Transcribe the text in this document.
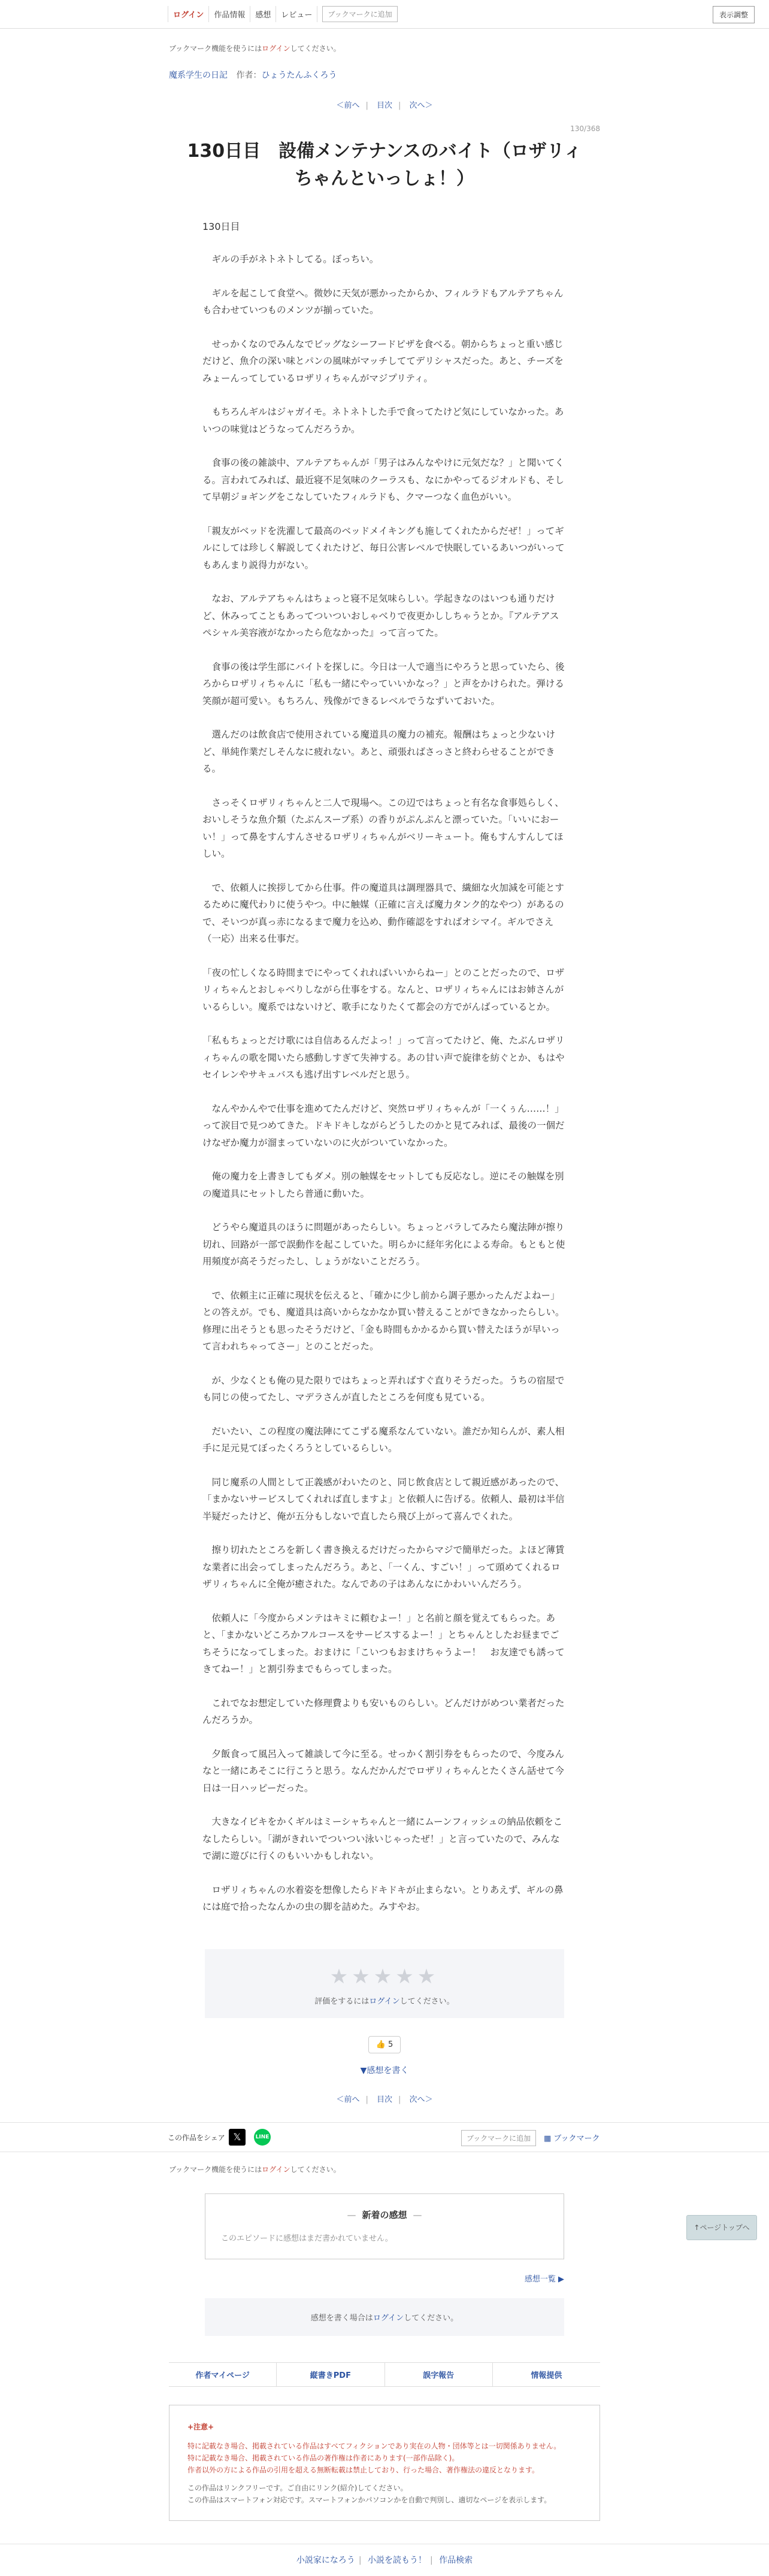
ログイン	作品情報	感想	レビュー	ブックマークに追加	表示調整
ブックマーク機能を使うにはログインしてください。
魔系学生の日記 作者：ひょうたんふくろう
＜前へ | 目次 | 次へ＞
130/368
130日目　設備メンテナンスのバイト（ロザリィちゃんといっしょ！）
130日目

　ギルの手がネトネトしてる。ぼっちい。

　ギルを起こして食堂へ。微妙に天気が悪かったからか、フィルラドもアルテアちゃんも合わせていつものメンツが揃っていた。

　せっかくなのでみんなでビッグなシーフードピザを食べる。朝からちょっと重い感じだけど、魚介の深い味とパンの風味がマッチしててデリシャスだった。あと、チーズをみょーんってしているロザリィちゃんがマジプリティ。

　もちろんギルはジャガイモ。ネトネトした手で食ってたけど気にしていなかった。あいつの味覚はどうなってんだろうか。

　食事の後の雑談中、アルテアちゃんが「男子はみんなやけに元気だな？」と聞いてくる。言われてみれば、最近寝不足気味のクーラスも、なにかやってるジオルドも、そして早朝ジョギングをこなしていたフィルラドも、クマーつなく血色がいい。

「親友がベッドを洗濯して最高のベッドメイキングも施してくれたからだぜ！」ってギルにしては珍しく解説してくれたけど、毎日公害レベルで快眠しているあいつがいってもあんまり説得力がない。

　なお、アルテアちゃんはちょっと寝不足気味らしい。学起きなのはいつも通りだけど、休みってこともあってついついおしゃべりで夜更かししちゃうとか。『アルテアスペシャル美容液がなかったら危なかった』って言ってた。

　食事の後は学生部にバイトを探しに。今日は一人で適当にやろうと思っていたら、後ろからロザリィちゃんに「私も一緒にやっていいかなっ？」と声をかけられた。弾ける笑顔が超可愛い。もちろん、残像ができるレベルでうなずいておいた。

　選んだのは飲食店で使用されている魔道具の魔力の補充。報酬はちょっと少ないけど、単純作業だしそんなに疲れない。あと、頑張ればさっさと終わらせることができる。

　さっそくロザリィちゃんと二人で現場へ。この辺ではちょっと有名な食事処らしく、おいしそうな魚介類（たぶんスープ系）の香りがぷんぷんと漂っていた。「いいにおーい！」って鼻をすんすんさせるロザリィちゃんがベリーキュート。俺もすんすんしてほしい。

　で、依頼人に挨拶してから仕事。件の魔道具は調理器具で、繊細な火加減を可能とするために魔代わりに使うやつ。中に触媒（正確に言えば魔力タンク的なやつ）があるので、そいつが真っ赤になるまで魔力を込め、動作確認をすればオシマイ。ギルでさえ（一応）出来る仕事だ。

「夜の忙しくなる時間までにやってくれればいいからねー」とのことだったので、ロザリィちゃんとおしゃべりしながら仕事をする。なんと、ロザリィちゃんにはお姉さんがいるらしい。魔系ではないけど、歌手になりたくて都会の方でがんばっているとか。

「私もちょっとだけ歌には自信あるんだよっ！」って言ってたけど、俺、たぶんロザリィちゃんの歌を聞いたら感動しすぎて失神する。あの甘い声で旋律を紡ぐとか、もはやセイレンやサキュバスも逃げ出すレベルだと思う。

　なんやかんやで仕事を進めてたんだけど、突然ロザリィちゃんが「一くぅん……！」って涙目で見つめてきた。ドキドキしながらどうしたのかと見てみれば、最後の一個だけなぜか魔力が溜まっていないのに火がついていなかった。

　俺の魔力を上書きしてもダメ。別の触媒をセットしても反応なし。逆にその触媒を別の魔道具にセットしたら普通に動いた。

　どうやら魔道具のほうに問題があったらしい。ちょっとバラしてみたら魔法陣が擦り切れ、回路が一部で誤動作を起こしていた。明らかに経年劣化による寿命。もともと使用頻度が高そうだったし、しょうがないことだろう。

　で、依頼主に正確に現状を伝えると、「確かに少し前から調子悪かったんだよねー」との答えが。でも、魔道具は高いからなかなか買い替えることができなかったらしい。修理に出そうとも思ったそうだけど、「金も時間もかかるから買い替えたほうが早いって言われちゃってさー」とのことだった。

　が、少なくとも俺の見た限りではちょっと弄ればすぐ直りそうだった。うちの宿屋でも同じの使ってたし、マデラさんが直したところを何度も見ている。

　だいたい、この程度の魔法陣にてこずる魔系なんていない。誰だか知らんが、素人相手に足元見てぼったくろうとしているらしい。

　同じ魔系の人間として正義感がわいたのと、同じ飲食店として親近感があったので、「まかないサービスしてくれれば直しますよ」と依頼人に告げる。依頼人、最初は半信半疑だったけど、俺が五分もしないで直したら飛び上がって喜んでくれた。

　擦り切れたところを新しく書き換えるだけだったからマジで簡単だった。よほど薄賃な業者に出会ってしまったんだろう。あと、「一くん、すごい！」って頭めてくれるロザリィちゃんに全俺が癒された。なんであの子はあんなにかわいいんだろう。

　依頼人に「今度からメンテはキミに頼むよー！」と名前と顔を覚えてもらった。あと、「まかないどころかフルコースをサービスするよー！」とちゃんとしたお昼までごちそうになってしまった。おまけに「こいつもおまけちゃうよー！　お友達でも誘ってきてねー！」と割引券までもらってしまった。

　これでなお想定していた修理費よりも安いものらしい。どんだけがめつい業者だったんだろうか。

　夕飯食って風呂入って雑談して今に至る。せっかく割引券をもらったので、今度みんなと一緒にあそこに行こうと思う。なんだかんだでロザリィちゃんとたくさん話せて今日は一日ハッピーだった。

　大きなイビキをかくギルはミーシャちゃんと一緒にムーンフィッシュの納品依頼をこなしたらしい。「湖がきれいでついつい泳いじゃったぜ！」と言っていたので、みんなで湖に遊びに行くのもいいかもしれない。

　ロザリィちゃんの水着姿を想像したらドキドキが止まらない。とりあえず、ギルの鼻には庭で拾ったなんかの虫の脚を詰めた。みすやお。

★★★★★
評価をするにはログインしてください。
👍 5
▼感想を書く
＜前へ | 目次 | 次へ＞
この作品をシェア 𝕏	LINE	ブックマークに追加	▦ ブックマーク
ブックマーク機能を使うにはログインしてください。
— 新着の感想 —
このエピソードに感想はまだ書かれていません。
感想一覧 ▶
感想を書く場合はログインしてください。
↑ページトップへ
作者マイページ	縦書きPDF	誤字報告	情報提供
+注意+
特に記載なき場合、掲載されている作品はすべてフィクションであり実在の人物・団体等とは一切関係ありません。
特に記載なき場合、掲載されている作品の著作権は作者にあります(一部作品除く)。
作者以外の方による作品の引用を超える無断転載は禁止しており、行った場合、著作権法の違反となります。
この作品はリンクフリーです。ご自由にリンク(紹介)してください。
この作品はスマートフォン対応です。スマートフォンかパソコンかを自動で判別し、適切なページを表示します。
小説家になろう | 小説を読もう！ | 作品検索
